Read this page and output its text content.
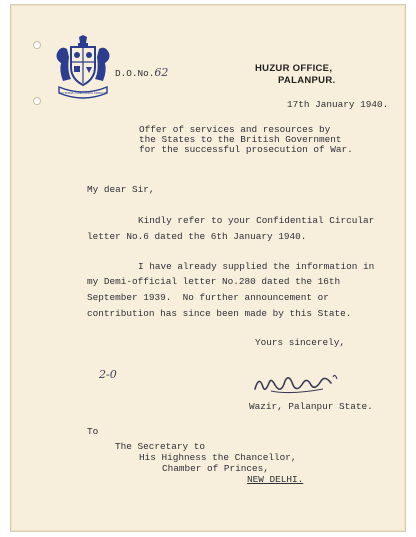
VICTORIA CONCORDIA CRESCIT
D.O.No.62	HUZUR OFFICE,
PALANPUR.
17th January 1940.
Offer of services and resources by
the States to the British Government
for the successful prosecution of War.
My dear Sir,
Kindly refer to your Confidential Circular
letter No.6 dated the 6th January 1940.
I have already supplied the information in
my Demi-official letter No.280 dated the 16th
September 1939.  No further announcement or
contribution has since been made by this State.
Yours sincerely,
2-0
Wazir, Palanpur State.
To
The Secretary to
His Highness the Chancellor,
Chamber of Princes,
NEW DELHI.
